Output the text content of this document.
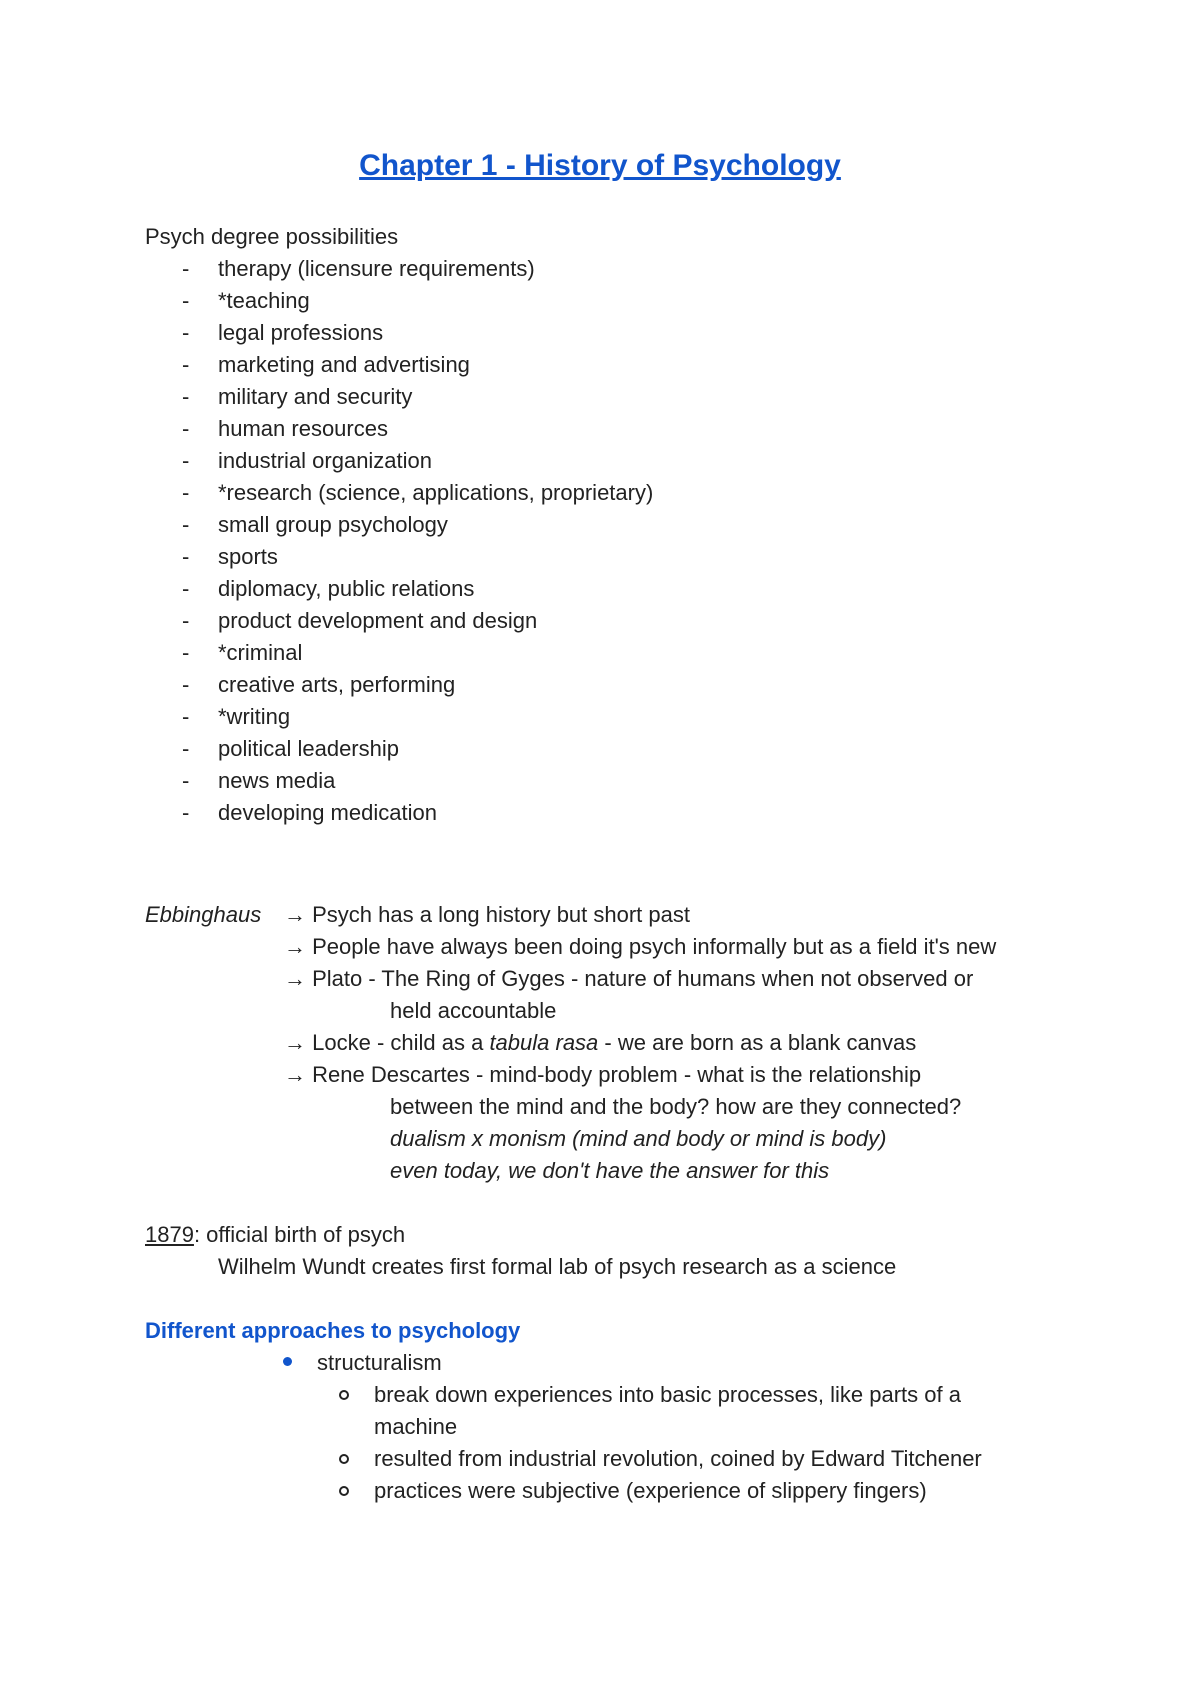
Chapter 1 - History of Psychology
Psych degree possibilities
- therapy (licensure requirements)
- *teaching
- legal professions
- marketing and advertising
- military and security
- human resources
- industrial organization
- *research (science, applications, proprietary)
- small group psychology
- sports
- diplomacy, public relations
- product development and design
- *criminal
- creative arts, performing
- *writing
- political leadership
- news media
- developing medication
Ebbinghaus → Psych has a long history but short past
→ People have always been doing psych informally but as a field it's new
→ Plato - The Ring of Gyges - nature of humans when not observed or
held accountable
→ Locke - child as a tabula rasa - we are born as a blank canvas
→ Rene Descartes - mind-body problem - what is the relationship
between the mind and the body? how are they connected?
dualism x monism (mind and body or mind is body)
even today, we don't have the answer for this
1879: official birth of psych
Wilhelm Wundt creates first formal lab of psych research as a science
Different approaches to psychology
structuralism
break down experiences into basic processes, like parts of a
machine
resulted from industrial revolution, coined by Edward Titchener
practices were subjective (experience of slippery fingers)
